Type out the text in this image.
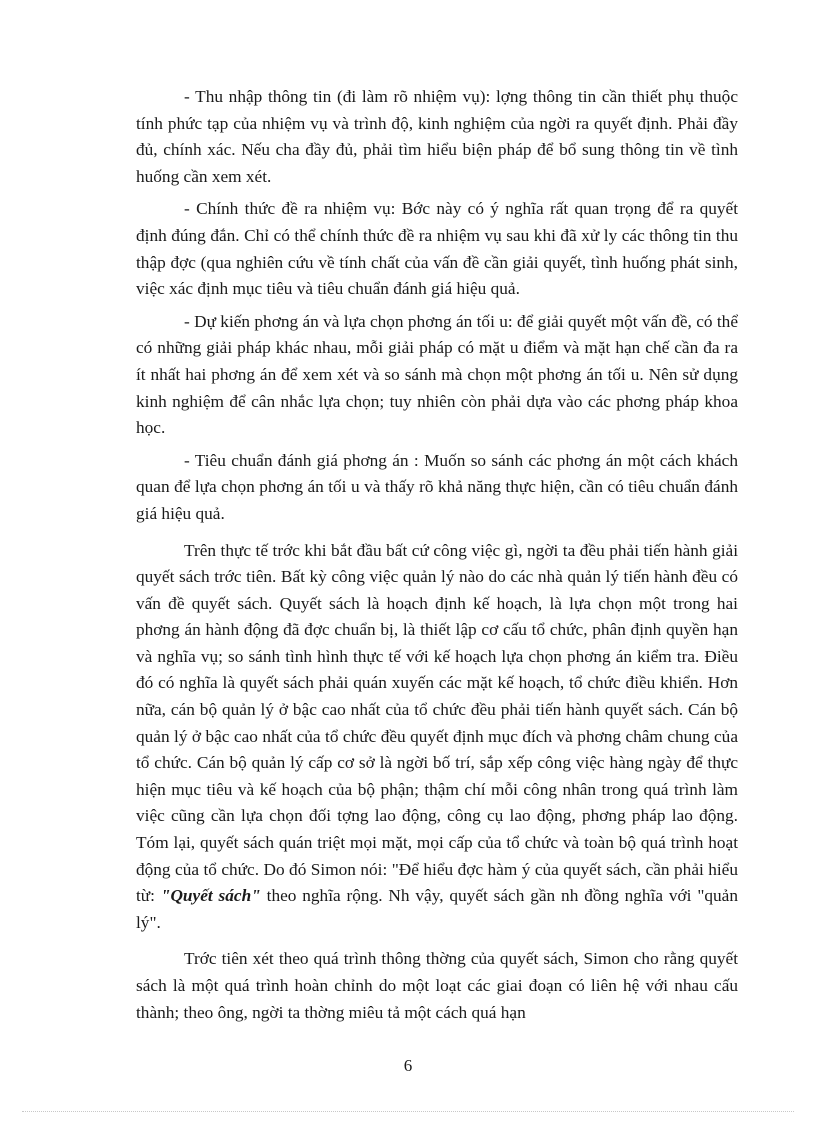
- Thu nhập thông tin (đi làm rõ nhiệm vụ): lợng thông tin cần thiết phụ thuộc tính phức tạp của nhiệm vụ và trình độ, kinh nghiệm của ngời ra quyết định. Phải đầy đủ, chính xác. Nếu cha đầy đủ, phải tìm hiểu biện pháp để bổ sung thông tin về tình huống cần xem xét.

- Chính thức đề ra nhiệm vụ: Bớc này có ý nghĩa rất quan trọng để ra quyết định đúng đắn. Chỉ có thể chính thức đề ra nhiệm vụ sau khi đã xử ly các thông tin thu thập đợc (qua nghiên cứu về tính chất của vấn đề cần giải quyết, tình huống phát sinh, việc xác định mục tiêu và tiêu chuẩn đánh giá hiệu quả.

- Dự kiến phơng án và lựa chọn phơng án tối u: để giải quyết một vấn đề, có thể có những giải pháp khác nhau, mỗi giải pháp có mặt u điểm và mặt hạn chế cần đa ra ít nhất hai phơng án để xem xét và so sánh mà chọn một phơng án tối u. Nên sử dụng kinh nghiệm để cân nhắc lựa chọn; tuy nhiên còn phải dựa vào các phơng pháp khoa học.

- Tiêu chuẩn đánh giá phơng án : Muốn so sánh các phơng án một cách khách quan để lựa chọn phơng án tối u và thấy rõ khả năng thực hiện, cần có tiêu chuẩn đánh giá hiệu quả.

Trên thực tế trớc khi bắt đầu bất cứ công việc gì, ngời ta đều phải tiến hành giải quyết sách trớc tiên. Bất kỳ công việc quản lý nào do các nhà quản lý tiến hành đều có vấn đề quyết sách. Quyết sách là hoạch định kế hoạch, là lựa chọn một trong hai phơng án hành động đã đợc chuẩn bị, là thiết lập cơ cấu tổ chức, phân định quyền hạn và nghĩa vụ; so sánh tình hình thực tế với kế hoạch lựa chọn phơng án kiểm tra. Điều đó có nghĩa là quyết sách phải quán xuyến các mặt kế hoạch, tổ chức điều khiển. Hơn nữa, cán bộ quản lý ở bậc cao nhất của tổ chức đều phải tiến hành quyết sách. Cán bộ quản lý ở bậc cao nhất của tổ chức đều quyết định mục đích và phơng châm chung của tổ chức. Cán bộ quản lý cấp cơ sở là ngời bố trí, sắp xếp công việc hàng ngày để thực hiện mục tiêu và kế hoạch của bộ phận; thậm chí mỗi công nhân trong quá trình làm việc cũng cần lựa chọn đối tợng lao động, công cụ lao động, phơng pháp lao động. Tóm lại, quyết sách quán triệt mọi mặt, mọi cấp của tổ chức và toàn bộ quá trình hoạt động của tổ chức. Do đó Simon nói: "Để hiểu đợc hàm ý của quyết sách, cần phải hiểu từ: "Quyết sách" theo nghĩa rộng. Nh vậy, quyết sách gần nh đồng nghĩa với "quản lý".

Trớc tiên xét theo quá trình thông thờng của quyết sách, Simon cho rằng quyết sách là một quá trình hoàn chỉnh do một loạt các giai đoạn có liên hệ với nhau cấu thành; theo ông, ngời ta thờng miêu tả một cách quá hạn

6
